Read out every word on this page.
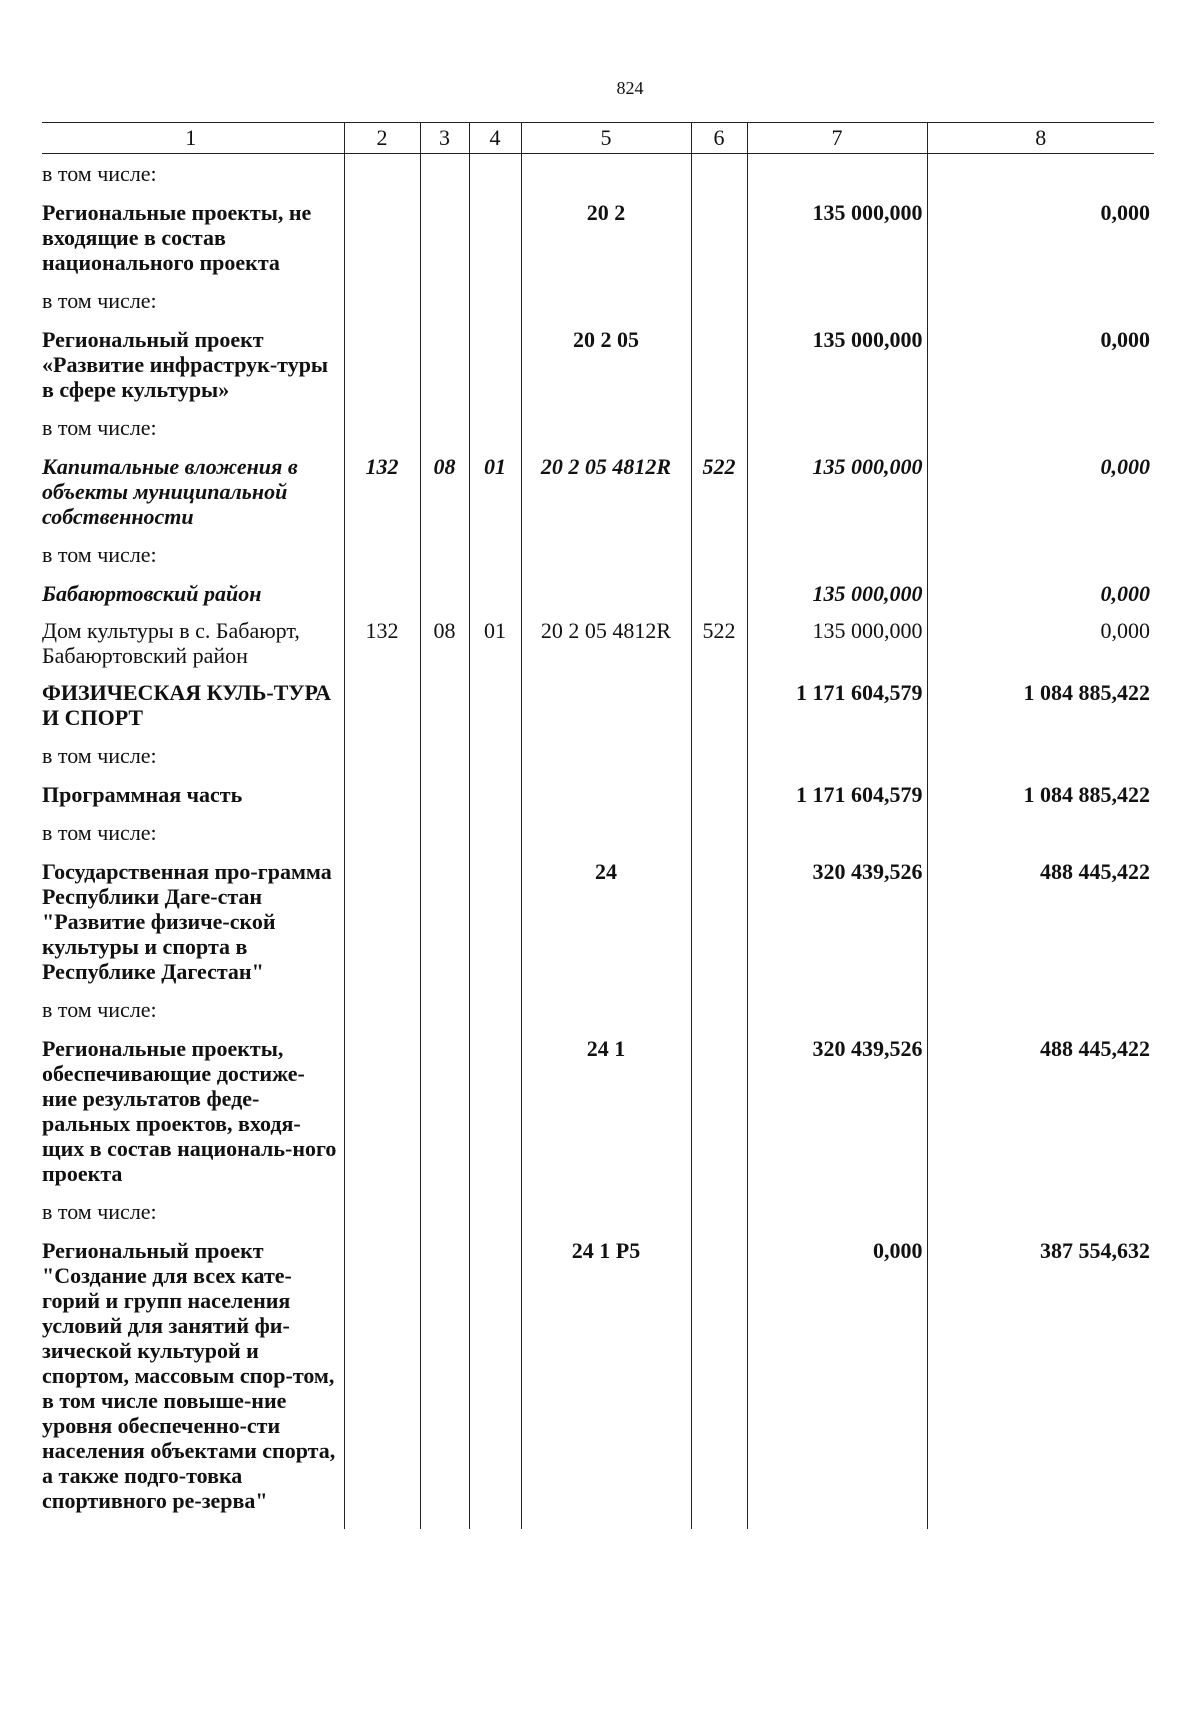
824
1	2	3	4	5	6	7	8
в том числе:							
Региональные проекты, не входящие в состав национального проекта				20 2		135 000,000	0,000
в том числе:							
Региональный проект «Развитие инфраструк-туры в сфере культуры»				20 2 05		135 000,000	0,000
в том числе:							
Капитальные вложения в объекты муниципальной собственности	132	08	01	20 2 05 4812R	522	135 000,000	0,000
в том числе:							
Бабаюртовский район						135 000,000	0,000
Дом культуры в с. Бабаюрт, Бабаюртовский район	132	08	01	20 2 05 4812R	522	135 000,000	0,000
ФИЗИЧЕСКАЯ КУЛЬ-ТУРА И СПОРТ						1 171 604,579	1 084 885,422
в том числе:							
Программная часть						1 171 604,579	1 084 885,422
в том числе:							
Государственная про-грамма Республики Даге-стан "Развитие физиче-ской культуры и спорта в Республике Дагестан"				24		320 439,526	488 445,422
в том числе:							
Региональные проекты, обеспечивающие достиже-ние результатов феде-ральных проектов, входя-щих в состав националь-ного проекта				24 1		320 439,526	488 445,422
в том числе:							
Региональный проект "Создание для всех кате-горий и групп населения условий для занятий фи-зической культурой и спортом, массовым спор-том, в том числе повыше-ние уровня обеспеченно-сти населения объектами спорта, а также подго-товка спортивного ре-зерва"				24 1 P5		0,000	387 554,632
